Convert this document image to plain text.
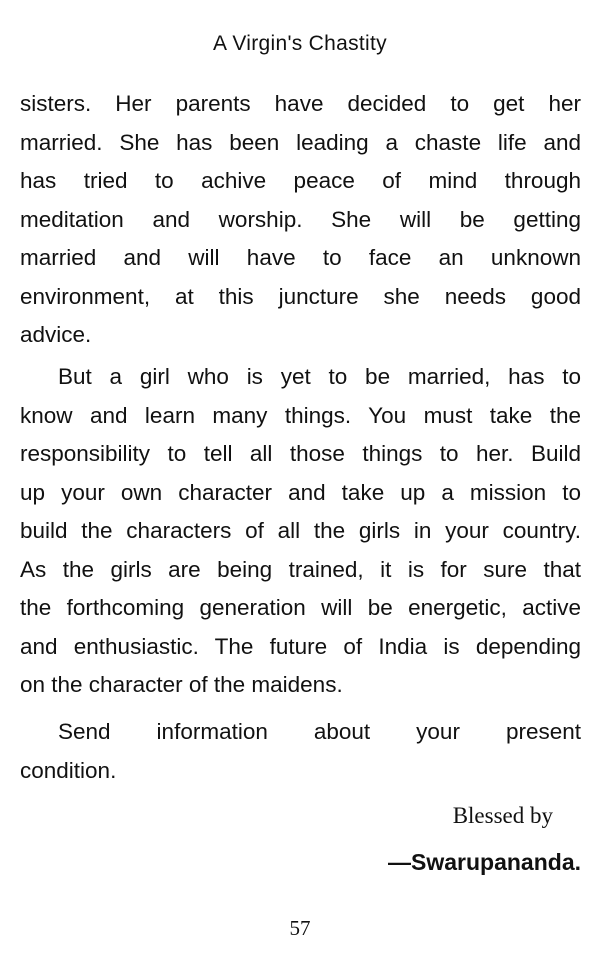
A Virgin's Chastity
sisters. Her parents have decided to get her
married. She has been leading a chaste life and
has tried to achive peace of mind through
meditation and worship. She will be getting
married and will have to face an unknown
environment, at this juncture she needs good
advice.
But a girl who is yet to be married, has to
know and learn many things. You must take the
responsibility to tell all those things to her. Build
up your own character and take up a mission to
build the characters of all the girls in your country.
As the girls are being trained, it is for sure that
the forthcoming generation will be energetic, active
and enthusiastic. The future of India is depending
on the character of the maidens.
Send information about your present
condition.
Blessed by
—Swarupananda.
57
